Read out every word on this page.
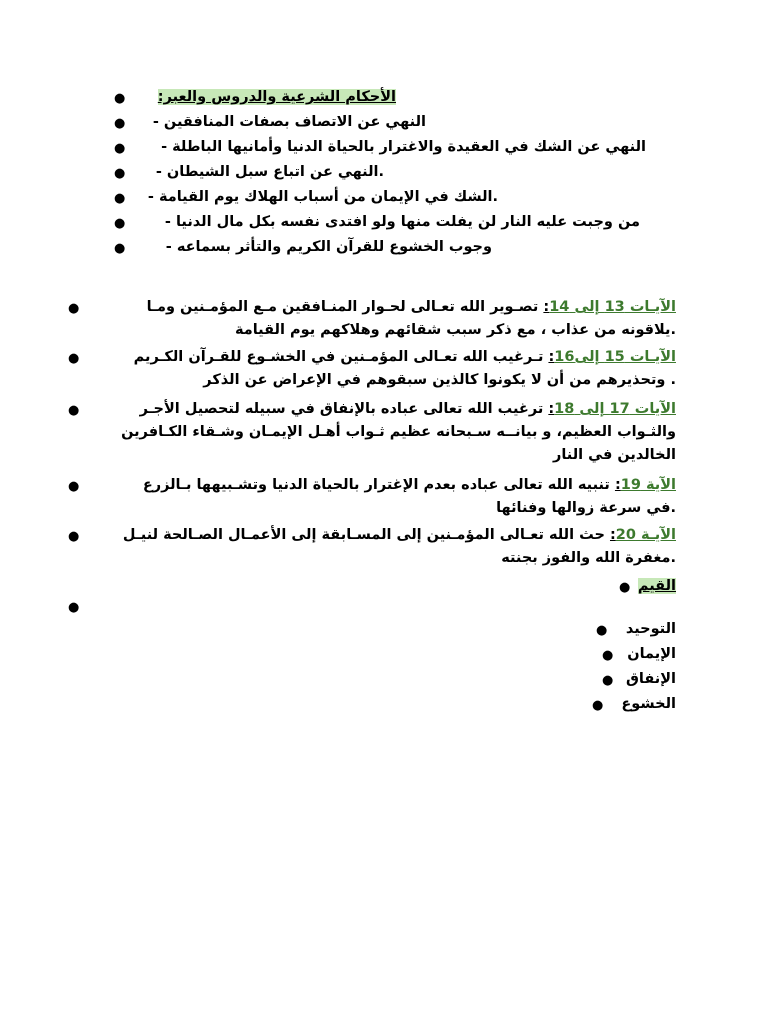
● الأحكام الشرعية والدروس والعبر:
● النهي عن الاتصاف بصفات المنافقين -
● النهي عن الشك في العقيدة والاغترار بالحياة الدنيا وأمانيها الباطلة -
● .النهي عن اتباع سبل الشيطان -
● .الشك في الإيمان من أسباب الهلاك يوم القيامة -
●	من وجبت عليه النار لن يفلت منها ولو افتدى نفسه بكل مال الدنيا -
●	وجوب الخشوع للقرآن الكريم والتأثر بسماعه -
●	الآيـات 13 إلى 14: تصـوير الله تعـالى لحـوار المنـافقين مـع المؤمـنين ومـا
.يلاقونه من عذاب ، مع ذكر سبب شقائهم وهلاكهم يوم القيامة
●	الآيـات 15 إلى16: تـرغيب الله تعـالى المؤمـنين في الخشـوع للقـرآن الكـريم
. وتحذيرهم من أن لا يكونوا كالذين سبقوهم في الإعراض عن الذكر
●	الآيات 17 إلى 18: ترغيب الله تعالى عباده بالإنفاق في سبيله لتحصيل الأجـر
والثـواب العظيم، و بيانــه سـبحانه عظيم ثـواب أهـل الإيمـان وشـقاء الكـافرين
الخالدين في النار
●	الآية 19: تنبيه الله تعالى عباده بعدم الإغترار بالحياة الدنيا وتشـبيهها بـالزرع
.في سرعة زوالها وفنائها
●	الآيـة 20: حث الله تعـالى المؤمـنين إلى المسـابقة إلى الأعمـال الصـالحة لنيـل
.مغفرة الله والفوز بجنته
● القيم
●
● التوحيد
● الإيمان
● الإنفاق
● الخشوع
